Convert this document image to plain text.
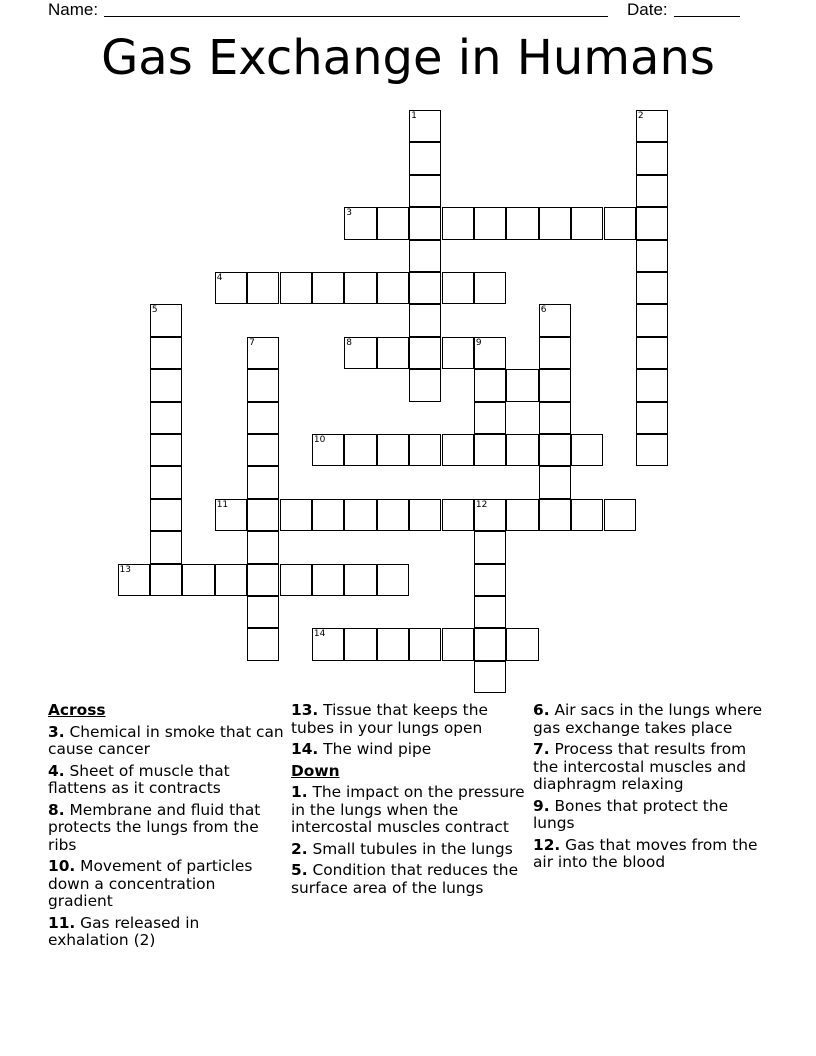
Name:	Date:
Gas Exchange in Humans
1	2
3
4
5	6
7	8	9
10
11	12
13
14
Across
3. Chemical in smoke that can cause cancer
4. Sheet of muscle that flattens as it contracts
8. Membrane and fluid that protects the lungs from the ribs
10. Movement of particles down a concentration gradient
11. Gas released in exhalation (2)
13. Tissue that keeps the tubes in your lungs open
14. The wind pipe
Down
1. The impact on the pressure in the lungs when the intercostal muscles contract
2. Small tubules in the lungs
5. Condition that reduces the surface area of the lungs
6. Air sacs in the lungs where gas exchange takes place
7. Process that results from the intercostal muscles and diaphragm relaxing
9. Bones that protect the lungs
12. Gas that moves from the air into the blood
